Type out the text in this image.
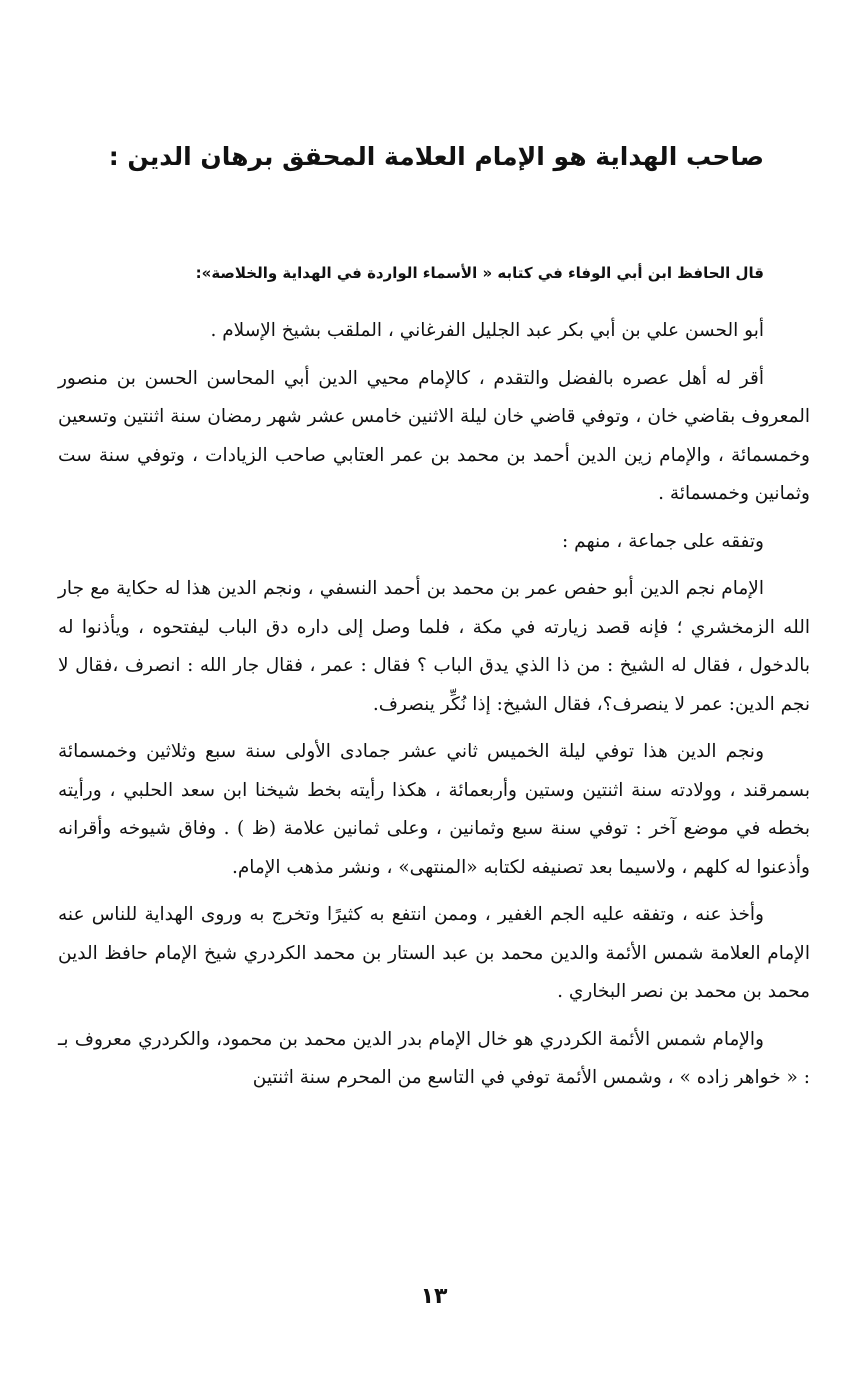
صاحب الهداية هو الإمام العلامة المحقق برهان الدين :

قال الحافظ ابن أبي الوفاء في كتابه « الأسماء الواردة في الهداية والخلاصة»:

أبو الحسن علي بن أبي بكر عبد الجليل الفرغاني ، الملقب بشيخ الإسلام .

أقر له أهل عصره بالفضل والتقدم ، كالإمام محيي الدين أبي المحاسن الحسن بن منصور المعروف بقاضي خان ، وتوفي قاضي خان ليلة الاثنين خامس عشر شهر رمضان سنة اثنتين وتسعين وخمسمائة ، والإمام زين الدين أحمد بن محمد بن عمر العتابي صاحب الزيادات ، وتوفي سنة ست وثمانين وخمسمائة .

وتفقه على جماعة ، منهم :

الإمام نجم الدين أبو حفص عمر بن محمد بن أحمد النسفي ، ونجم الدين هذا له حكاية مع جار الله الزمخشري ؛ فإنه قصد زيارته في مكة ، فلما وصل إلى داره دق الباب ليفتحوه ، ويأذنوا له بالدخول ، فقال له الشيخ : من ذا الذي يدق الباب ؟ فقال : عمر ، فقال جار الله : انصرف ،فقال لا نجم الدين: عمر لا ينصرف؟، فقال الشيخ: إذا نُكِّر ينصرف.

ونجم الدين هذا توفي ليلة الخميس ثاني عشر جمادى الأولى سنة سبع وثلاثين وخمسمائة بسمرقند ، وولادته سنة اثنتين وستين وأربعمائة ، هكذا رأيته بخط شيخنا ابن سعد الحلبي ، ورأيته بخطه في موضع آخر : توفي سنة سبع وثمانين ، وعلى ثمانين علامة (ظ ) . وفاق شيوخه وأقرانه وأذعنوا له كلهم ، ولاسيما بعد تصنيفه لكتابه «المنتهى» ، ونشر مذهب الإمام.

وأخذ عنه ، وتفقه عليه الجم الغفير ، وممن انتفع به كثيرًا وتخرج به وروى الهداية للناس عنه الإمام العلامة شمس الأئمة والدين محمد بن عبد الستار بن محمد الكردري شيخ الإمام حافظ الدين محمد بن محمد بن نصر البخاري .

والإمام شمس الأئمة الكردري هو خال الإمام بدر الدين محمد بن محمود، والكردري معروف بـ : « خواهر زاده » ، وشمس الأئمة توفي في التاسع من المحرم سنة اثنتين

١٣
